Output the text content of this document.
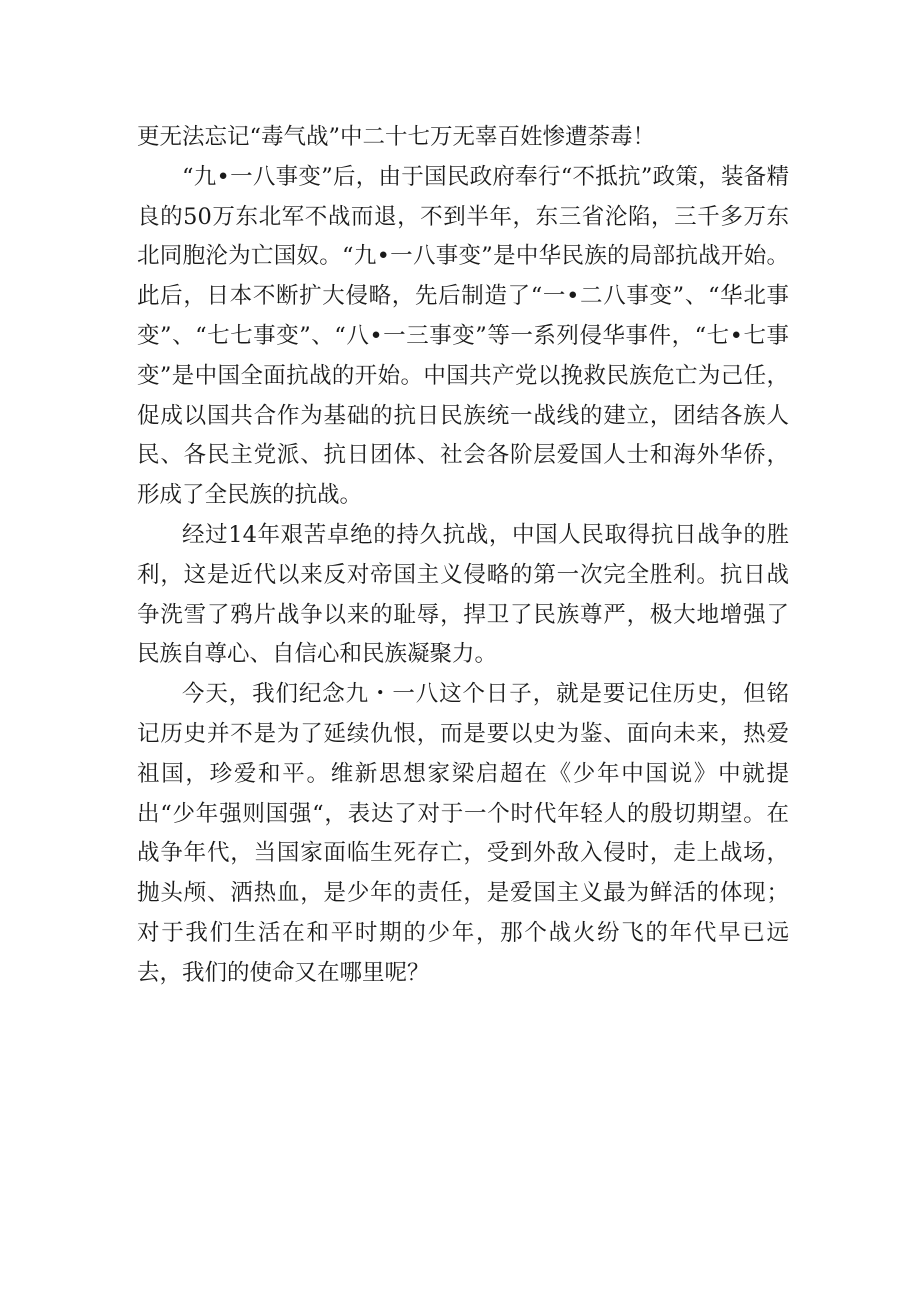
更无法忘记“毒气战”中二十七万无辜百姓惨遭荼毒！

“九•一八事变”后，由于国民政府奉行“不抵抗”政策，装备精良的50万东北军不战而退，不到半年，东三省沦陷，三千多万东北同胞沦为亡国奴。“九•一八事变”是中华民族的局部抗战开始。此后，日本不断扩大侵略，先后制造了“一•二八事变”、“华北事变”、“七七事变”、“八•一三事变”等一系列侵华事件，“七•七事变”是中国全面抗战的开始。中国共产党以挽救民族危亡为己任，促成以国共合作为基础的抗日民族统一战线的建立，团结各族人民、各民主党派、抗日团体、社会各阶层爱国人士和海外华侨，形成了全民族的抗战。

经过14年艰苦卓绝的持久抗战，中国人民取得抗日战争的胜利，这是近代以来反对帝国主义侵略的第一次完全胜利。抗日战争洗雪了鸦片战争以来的耻辱，捍卫了民族尊严，极大地增强了民族自尊心、自信心和民族凝聚力。

今天，我们纪念九・一八这个日子，就是要记住历史，但铭记历史并不是为了延续仇恨，而是要以史为鉴、面向未来，热爱祖国，珍爱和平。维新思想家梁启超在《少年中国说》中就提出“少年强则国强“，表达了对于一个时代年轻人的殷切期望。在战争年代，当国家面临生死存亡，受到外敌入侵时，走上战场，抛头颅、洒热血，是少年的责任，是爱国主义最为鲜活的体现；对于我们生活在和平时期的少年，那个战火纷飞的年代早已远去，我们的使命又在哪里呢？
